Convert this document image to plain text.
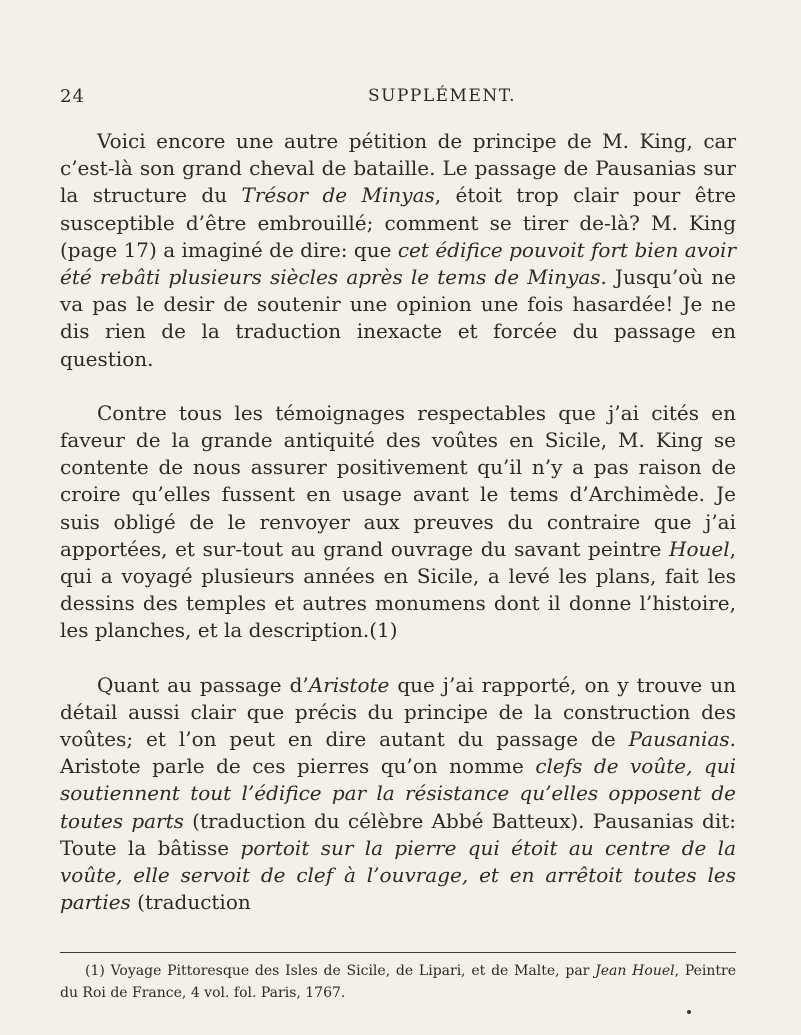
24	SUPPLÉMENT.

Voici encore une autre pétition de principe de M. King, car c’est-là son grand cheval de bataille. Le passage de Pausanias sur la structure du Trésor de Minyas, étoit trop clair pour être susceptible d’être embrouillé; comment se tirer de-là? M. King (page 17) a imaginé de dire: que cet édifice pouvoit fort bien avoir été rebâti plusieurs siècles après le tems de Minyas. Jusqu’où ne va pas le desir de soutenir une opinion une fois hasardée! Je ne dis rien de la traduction inexacte et forcée du passage en question.

Contre tous les témoignages respectables que j’ai cités en faveur de la grande antiquité des voûtes en Sicile, M. King se contente de nous assurer positivement qu’il n’y a pas raison de croire qu’elles fussent en usage avant le tems d’Archimède. Je suis obligé de le renvoyer aux preuves du contraire que j’ai apportées, et sur-tout au grand ouvrage du savant peintre Houel, qui a voyagé plusieurs années en Sicile, a levé les plans, fait les dessins des temples et autres monumens dont il donne l’histoire, les planches, et la description.(1)

Quant au passage d’Aristote que j’ai rapporté, on y trouve un détail aussi clair que précis du principe de la construction des voûtes; et l’on peut en dire autant du passage de Pausanias. Aristote parle de ces pierres qu’on nomme clefs de voûte, qui soutiennent tout l’édifice par la résistance qu’elles opposent de toutes parts (traduction du célèbre Abbé Batteux). Pausanias dit: Toute la bâtisse portoit sur la pierre qui étoit au centre de la voûte, elle servoit de clef à l’ouvrage, et en arrêtoit toutes les parties (traduction

(1) Voyage Pittoresque des Isles de Sicile, de Lipari, et de Malte, par Jean Houel, Peintre du Roi de France, 4 vol. fol. Paris, 1767.
